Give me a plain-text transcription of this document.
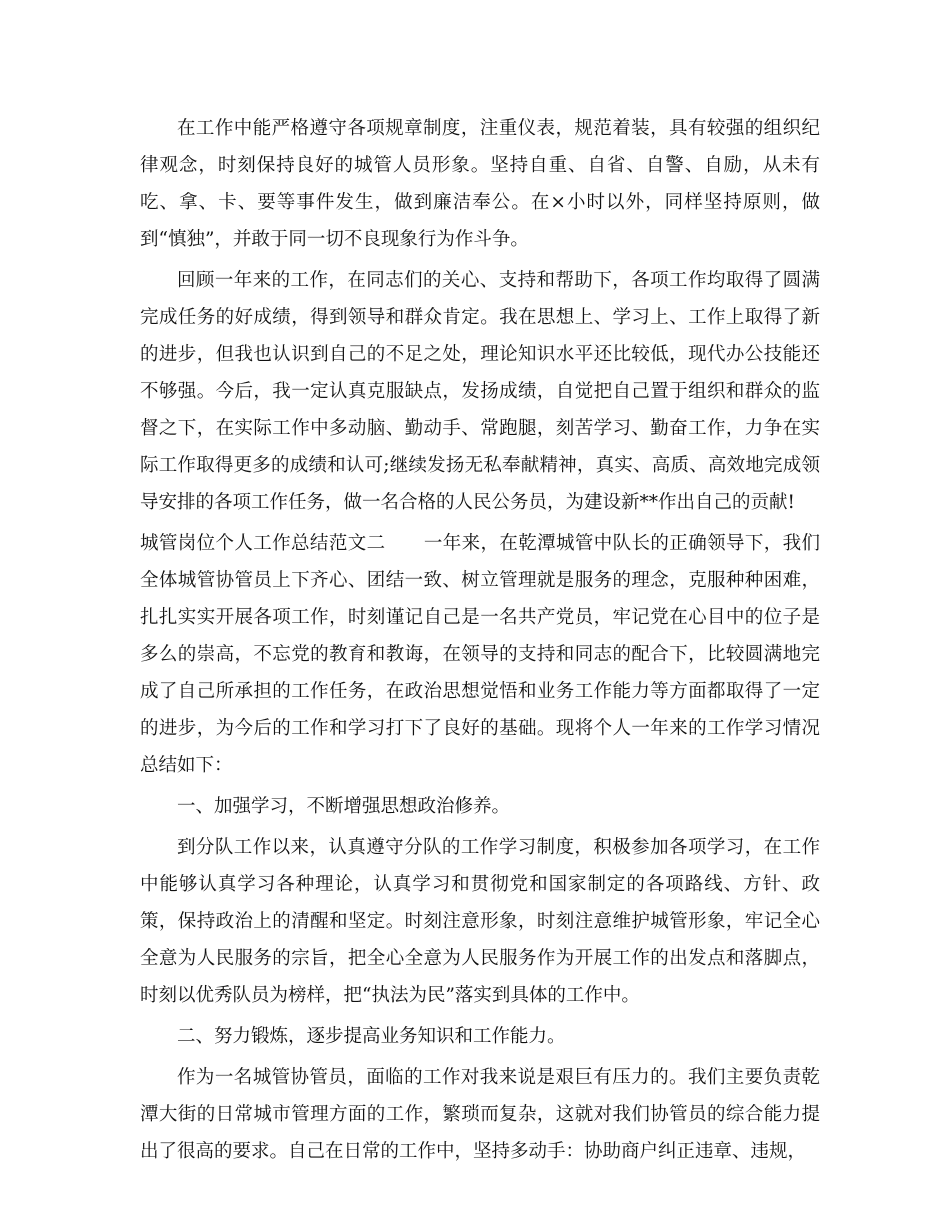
在工作中能严格遵守各项规章制度，注重仪表，规范着装，具有较强的组织纪律观念，时刻保持良好的城管人员形象。坚持自重、自省、自警、自励，从未有吃、拿、卡、要等事件发生，做到廉洁奉公。在×小时以外，同样坚持原则，做到“慎独”，并敢于同一切不良现象行为作斗争。

回顾一年来的工作，在同志们的关心、支持和帮助下，各项工作均取得了圆满完成任务的好成绩，得到领导和群众肯定。我在思想上、学习上、工作上取得了新的进步，但我也认识到自己的不足之处，理论知识水平还比较低，现代办公技能还不够强。今后，我一定认真克服缺点，发扬成绩，自觉把自己置于组织和群众的监督之下，在实际工作中多动脑、勤动手、常跑腿，刻苦学习、勤奋工作，力争在实际工作取得更多的成绩和认可;继续发扬无私奉献精神，真实、高质、高效地完成领导安排的各项工作任务，做一名合格的人民公务员，为建设新**作出自己的贡献!

城管岗位个人工作总结范文二 一年来，在乾潭城管中队长的正确领导下，我们全体城管协管员上下齐心、团结一致、树立管理就是服务的理念，克服种种困难，扎扎实实开展各项工作，时刻谨记自己是一名共产党员，牢记党在心目中的位子是多么的崇高，不忘党的教育和教诲，在领导的支持和同志的配合下，比较圆满地完成了自己所承担的工作任务，在政治思想觉悟和业务工作能力等方面都取得了一定的进步，为今后的工作和学习打下了良好的基础。现将个人一年来的工作学习情况总结如下：

一、加强学习，不断增强思想政治修养。

到分队工作以来，认真遵守分队的工作学习制度，积极参加各项学习，在工作中能够认真学习各种理论，认真学习和贯彻党和国家制定的各项路线、方针、政策，保持政治上的清醒和坚定。时刻注意形象，时刻注意维护城管形象，牢记全心全意为人民服务的宗旨，把全心全意为人民服务作为开展工作的出发点和落脚点，时刻以优秀队员为榜样，把“执法为民”落实到具体的工作中。

二、努力锻炼，逐步提高业务知识和工作能力。

作为一名城管协管员，面临的工作对我来说是艰巨有压力的。我们主要负责乾潭大街的日常城市管理方面的工作，繁琐而复杂，这就对我们协管员的综合能力提出了很高的要求。自己在日常的工作中，坚持多动手：协助商户纠正违章、违规，
